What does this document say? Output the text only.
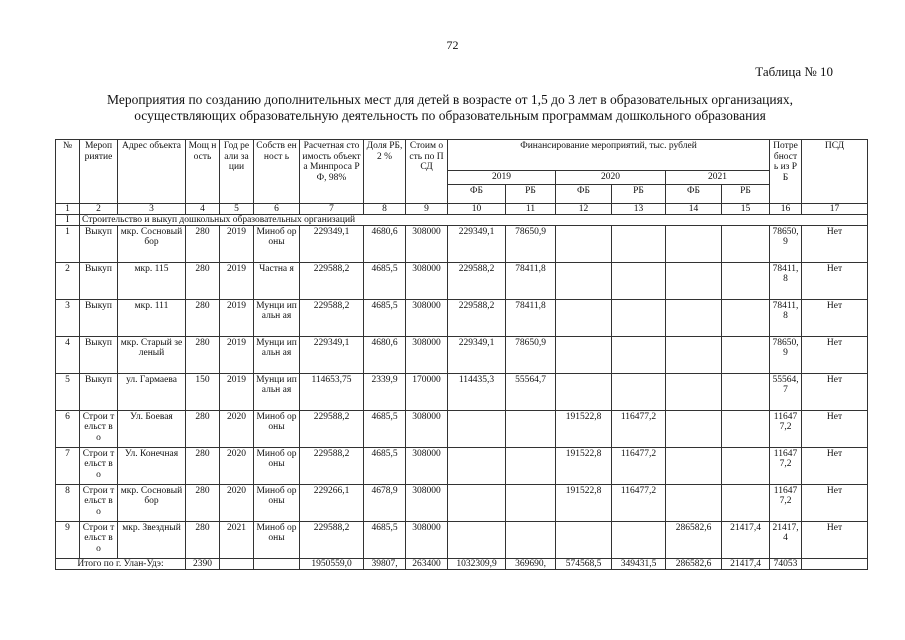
72
Таблица № 10
Мероприятия по созданию дополнительных мест для детей в возрасте от 1,5 до 3 лет в образовательных организациях,
осуществляющих образовательную деятельность по образовательным программам дошкольного образования
№	Мероп риятие	Адрес объекта	Мощ ность	Год реали зации	Собств енност ь	Расчетная стоимость объекта Минпроса РФ, 98%	Доля РБ, 2 %	Стоим ость по ПСД	Финансирование мероприятий, тыс. рублей						Потре бност ь из РБ	ПСД
									2019		2020		2021			
									ФБ	РБ	ФБ	РБ	ФБ	РБ		
1	2	3	4	5	6	7	8	9	10	11	12	13	14	15	16	17
I	Строительство и выкуп дошкольных образовательных организаций															
1	Выкуп	мкр. Сосновый бор	280	2019	Миноб ороны	229349,1	4680,6	308000	229349,1	78650,9					78650, 9	Нет
2	Выкуп	мкр. 115	280	2019	Частна я	229588,2	4685,5	308000	229588,2	78411,8					78411, 8	Нет
3	Выкуп	мкр. 111	280	2019	Мунци ипальн ая	229588,2	4685,5	308000	229588,2	78411,8					78411, 8	Нет
4	Выкуп	мкр. Старый зеленый	280	2019	Мунци ипальн ая	229349,1	4680,6	308000	229349,1	78650,9					78650, 9	Нет
5	Выкуп	ул. Гармаева	150	2019	Мунци ипальн ая	114653,75	2339,9	170000	114435,3	55564,7					55564, 7	Нет
6	Строи тельст во	Ул. Боевая	280	2020	Миноб ороны	229588,2	4685,5	308000			191522,8	116477,2			11647 7,2	Нет
7	Строи тельст во	Ул. Конечная	280	2020	Миноб ороны	229588,2	4685,5	308000			191522,8	116477,2			11647 7,2	Нет
8	Строи тельст во	мкр. Сосновый бор	280	2020	Миноб ороны	229266,1	4678,9	308000			191522,8	116477,2			11647 7,2	Нет
9	Строи тельст во	мкр. Звездный	280	2021	Миноб ороны	229588,2	4685,5	308000					286582,6	21417,4	21417, 4	Нет
Итого по г. Улан-Удэ:			2390			1950559,0	39807,	263400	1032309,9	369690,	574568,5	349431,5	286582,6	21417,4	74053	
